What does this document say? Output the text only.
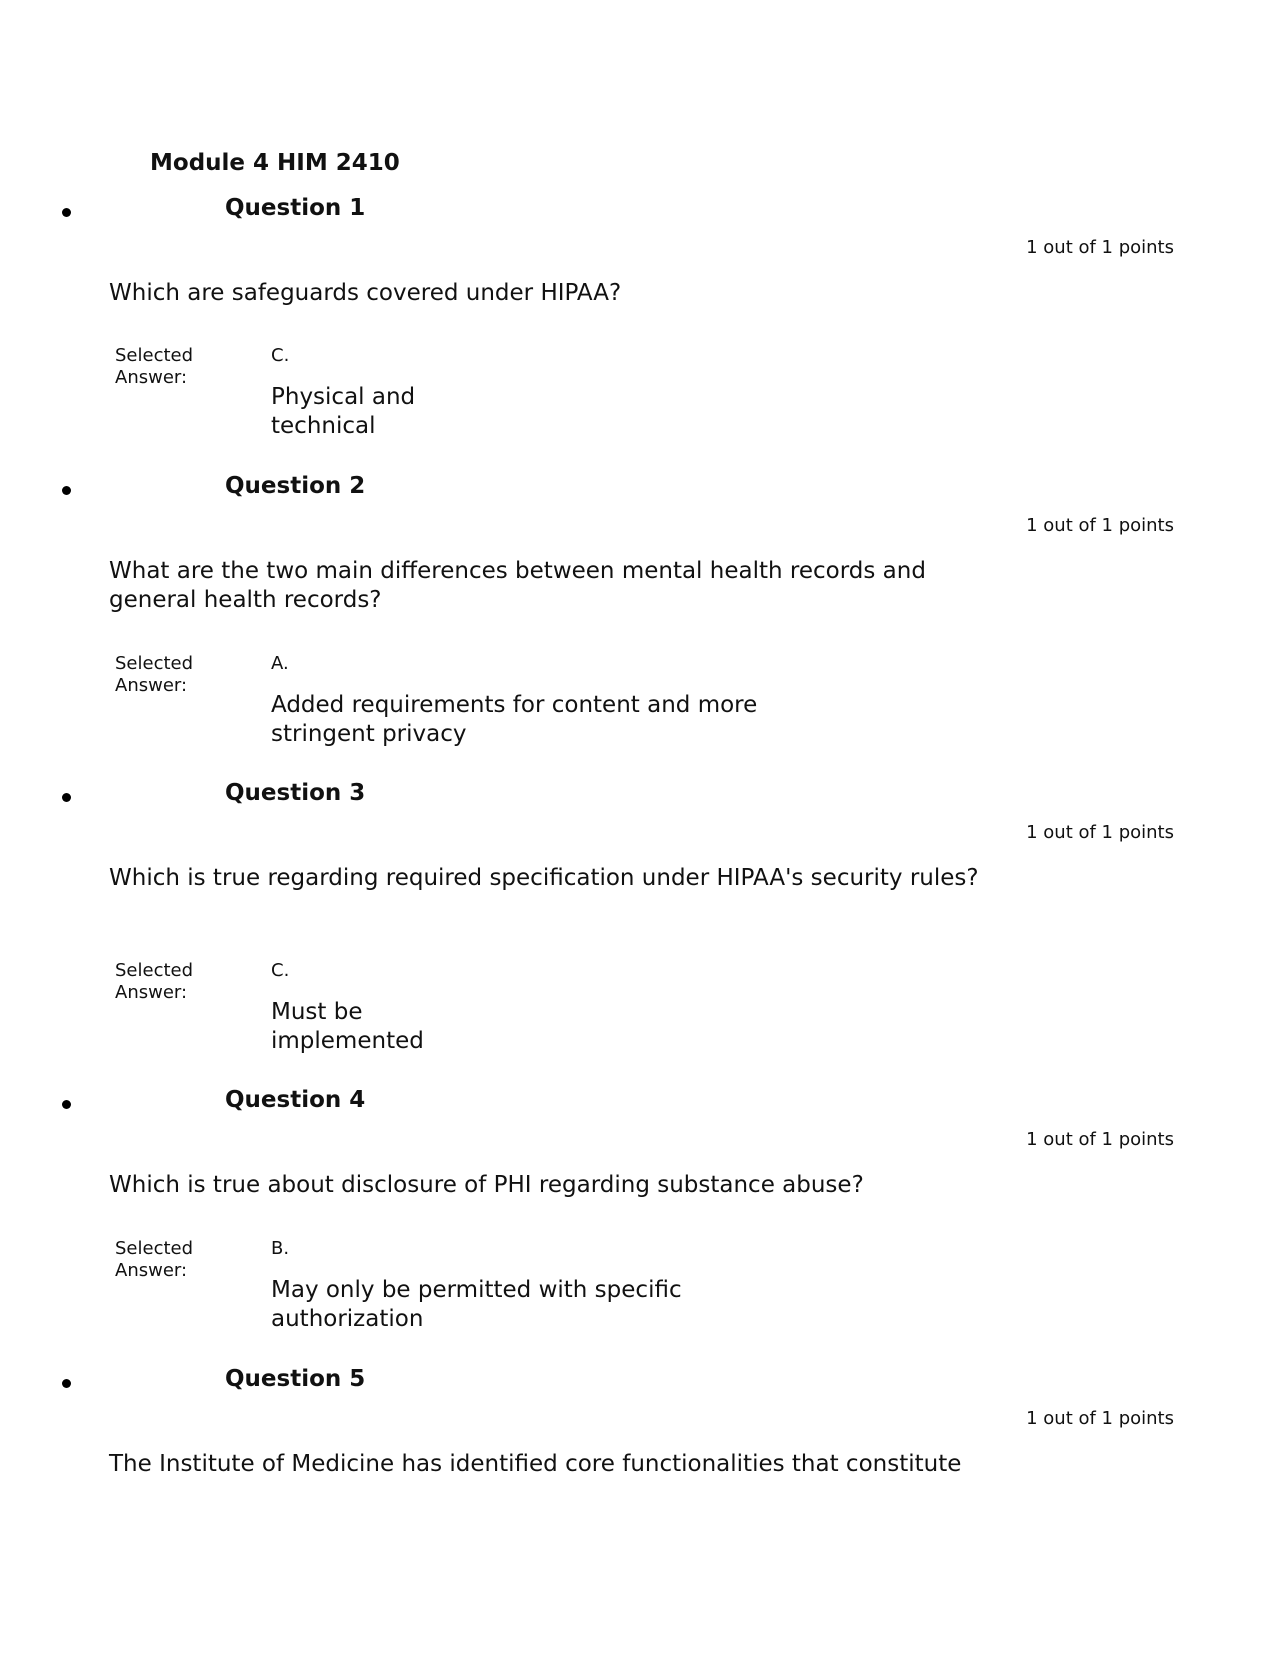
Module 4 HIM 2410
Question 1
1 out of 1 points
Which are safeguards covered under HIPAA?
Selected Answer:
C.
Physical and technical
Question 2
1 out of 1 points
What are the two main differences between mental health records and general health records?
Selected Answer:
A.
Added requirements for content and more stringent privacy
Question 3
1 out of 1 points
Which is true regarding required specification under HIPAA's security rules?
Selected Answer:
C.
Must be implemented
Question 4
1 out of 1 points
Which is true about disclosure of PHI regarding substance abuse?
Selected Answer:
B.
May only be permitted with specific authorization
Question 5
1 out of 1 points
The Institute of Medicine has identified core functionalities that constitute
